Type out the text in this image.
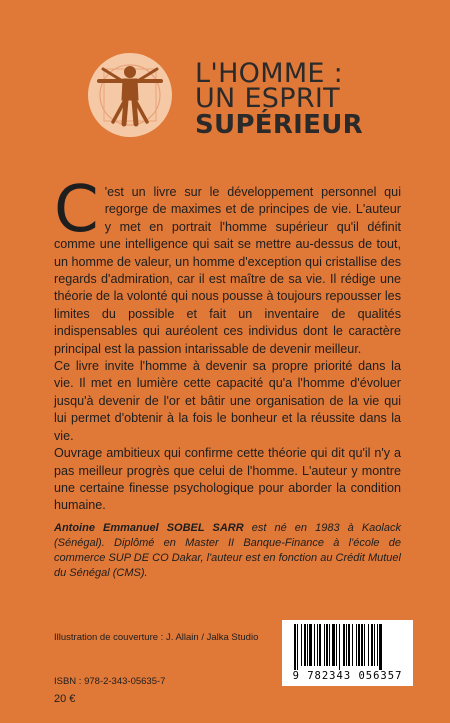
L'HOMME :
UN ESPRIT
SUPÉRIEUR

C 'est un livre sur le développement personnel qui regorge de maximes et de principes de vie. L'auteur y met en portrait l'homme supérieur qu'il définit comme une intelligence qui sait se mettre au-dessus de tout, un homme de valeur, un homme d'exception qui cristallise des regards d'admiration, car il est maître de sa vie. Il rédige une théorie de la volonté qui nous pousse à toujours repousser les limites du possible et fait un inventaire de qualités indispensables qui auréolent ces individus dont le caractère principal est la passion intarissable de devenir meilleur.

Ce livre invite l'homme à devenir sa propre priorité dans la vie. Il met en lumière cette capacité qu'a l'homme d'évoluer jusqu'à devenir de l'or et bâtir une organisation de la vie qui lui permet d'obtenir à la fois le bonheur et la réussite dans la vie.

Ouvrage ambitieux qui confirme cette théorie qui dit qu'il n'y a pas meilleur progrès que celui de l'homme. L'auteur y montre une certaine finesse psychologique pour aborder la condition humaine.

Antoine Emmanuel SOBEL SARR est né en 1983 à Kaolack (Sénégal). Diplômé en Master II Banque-Finance à l'école de commerce SUP DE CO Dakar, l'auteur est en fonction au Crédit Mutuel du Sénégal (CMS).
Illustration de couverture : J. Allain / Jalka Studio
ISBN : 978-2-343-05635-7
20 €
9 782343 056357
